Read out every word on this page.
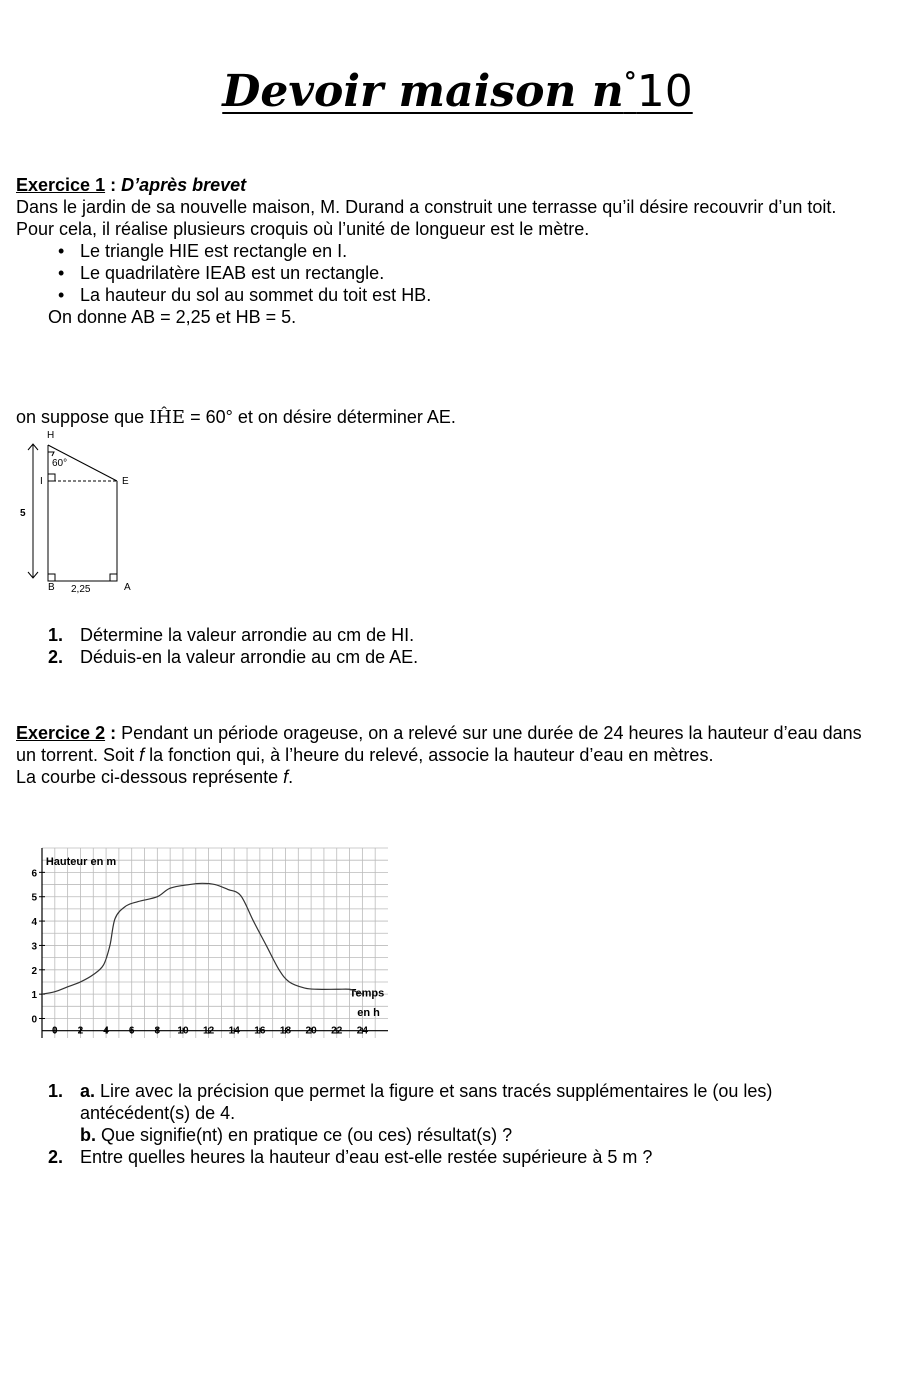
Devoir maison n°10
Exercice 1 : D’après brevet
Dans le jardin de sa nouvelle maison, M. Durand a construit une terrasse qu’il désire recouvrir d’un toit. Pour cela, il réalise plusieurs croquis où l’unité de longueur est le mètre.
• Le triangle HIE est rectangle en I.
• Le quadrilatère IEAB est un rectangle.
• La hauteur du sol au sommet du toit est HB.
On donne AB = 2,25 et HB = 5.
on suppose que IĤE = 60° et on désire déterminer AE.
H
60°
I	E
5
B 2,25	A
1. Détermine la valeur arrondie au cm de HI.
2. Déduis-en la valeur arrondie au cm de AE.
Exercice 2 : Pendant un période orageuse, on a relevé sur une durée de 24 heures la hauteur d’eau dans un torrent. Soit f la fonction qui, à l’heure du relevé, associe la hauteur d’eau en mètres.
La courbe ci-dessous représente f.
0 2 4 6 8 10 12 14 16 18 20 22 24
0
1
2
3
4
5
6
Hauteur en m
Temps
en h
1. a. Lire avec la précision que permet la figure et sans tracés supplémentaires le (ou les) antécédent(s) de 4.
b. Que signifie(nt) en pratique ce (ou ces) résultat(s) ?
2. Entre quelles heures la hauteur d’eau est-elle restée supérieure à 5 m ?
